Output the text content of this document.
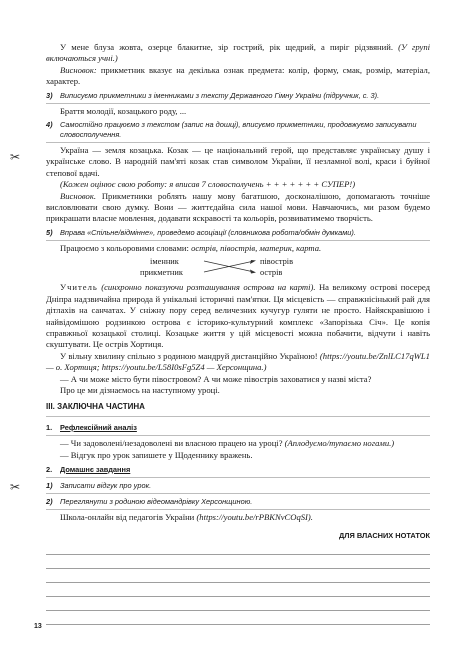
✂
✂

У мене блуза жовта, озерце блакитне, зір гострий, рік щедрий, а пиріг рідзвяний. (У групі включаються учні.)

Висновок: прикметник вказує на декілька ознак предмета: колір, форму, смак, розмір, матеріал, характер.

3)	Виписуємо прикметники з іменниками з тексту Державного Гімну України (підручник, с. 3).

Браття молодії, козацького роду, ...

4)	Самостійно працюємо з текстом (запис на дошці), вписуємо прикметники, продовжуємо записувати словосполучення.

Україна — земля козацька. Козак — це національний герой, що представляє українську душу і українське слово. В народній пам'яті козак став символом України, її незламної волі, краси і буйної степової вдачі.

(Кожен оцінює свою роботу: я вписав 7 словосполучень + + + + + + + СУПЕР!)

Висновок. Прикметники роблять нашу мову багатшою, досконалішою, допомагають точніше висловлювати свою думку. Вони — життєдайна сила нашої мови. Навчаючись, ми разом будемо прикрашати власне мовлення, додавати яскравості та кольорів, розвиватимемо творчість.

5)	Вправа «Спільне/відмінне», проведемо асоціації (словникова робота/обмін думками).

Працюємо з кольоровими словами: острів, півострів, материк, карта.

іменник
прикметник
півострів
острів

Учитель (синхронно показуючи розташування острова на карті). На великому острові посеред Дніпра надзвичайна природа й унікальні історичні пам'ятки. Ця місцевість — справжнісінький рай для дітлахів на санчатах. У сніжну пору серед величезних кучугур гуляти не просто. Найяскравішою і найвідомішою родзинкою острова є історико-культурний комплекс «Запорізька Січ». Це копія справжньої козацької столиці. Козацьке життя у цій місцевості можна побачити, відчути і навіть скуштувати. Це острів Хортиця.

У вільну хвилину спільно з родиною мандруй дистанційно Україною! (https://youtu.be/ZnlLC17qWL1 — о. Хортиця; https://youtu.be/L58I0sFg5Z4 — Херсонщина.)

— А чи може місто бути півостровом? А чи може півострів заховатися у назві міста?

Про це ми дізнаємось на наступному уроці.

ІІІ. ЗАКЛЮЧНА ЧАСТИНА
1.	Рефлексійний аналіз

— Чи задоволені/незадоволені ви власною працею на уроці? (Аплодуємо/тупаємо ногами.)

— Відгук про урок запишете у Щоденнику вражень.

2.	Домашнє завдання
1)	Записати відгук про урок.
2)	Переглянути з родиною відеомандрівку Херсонщиною.

Школа-онлайн від педагогів України (https://youtu.be/rPBKNvCOqSI).

ДЛЯ ВЛАСНИХ НОТАТОК
13
